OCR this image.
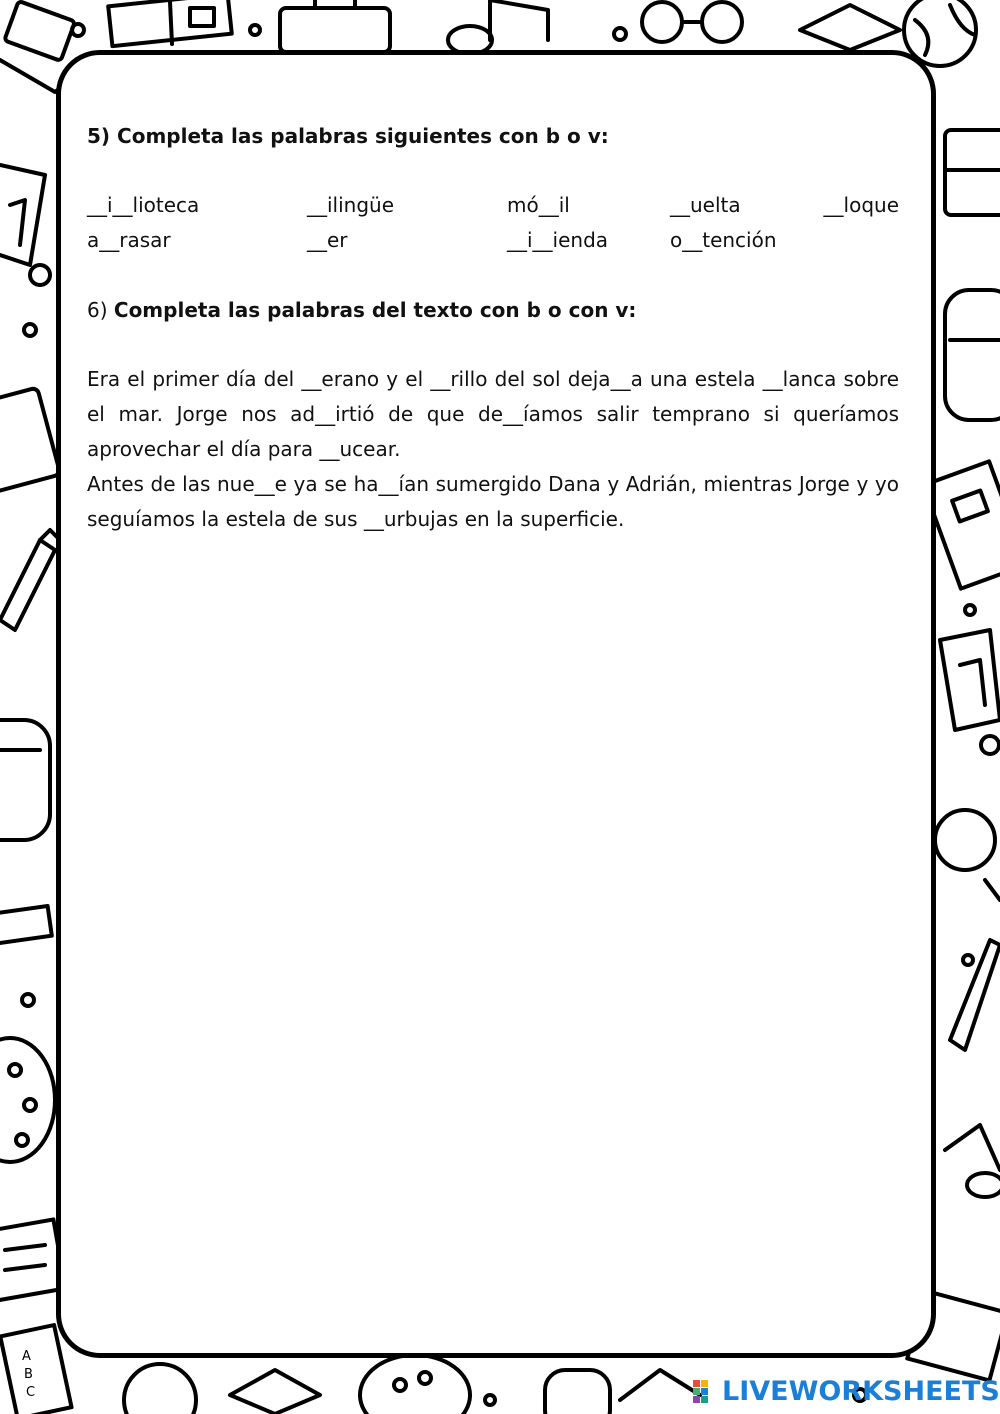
A
B
C

5) Completa las palabras siguientes con b o v:

__i__lioteca	__ilingüe	mó__il	__uelta	__loque
a__rasar	__er	__i__ienda	o__tención

6) Completa las palabras del texto con b o con v:

Era el primer día del __erano y el __rillo del sol deja__a una estela __lanca sobre el mar. Jorge nos ad__irtió de que de__íamos salir temprano si queríamos aprovechar el día para __ucear.

Antes de las nue__e ya se ha__ían sumergido Dana y Adrián, mientras Jorge y yo seguíamos la estela de sus __urbujas en la superficie.

LIVEWORKSHEETS
